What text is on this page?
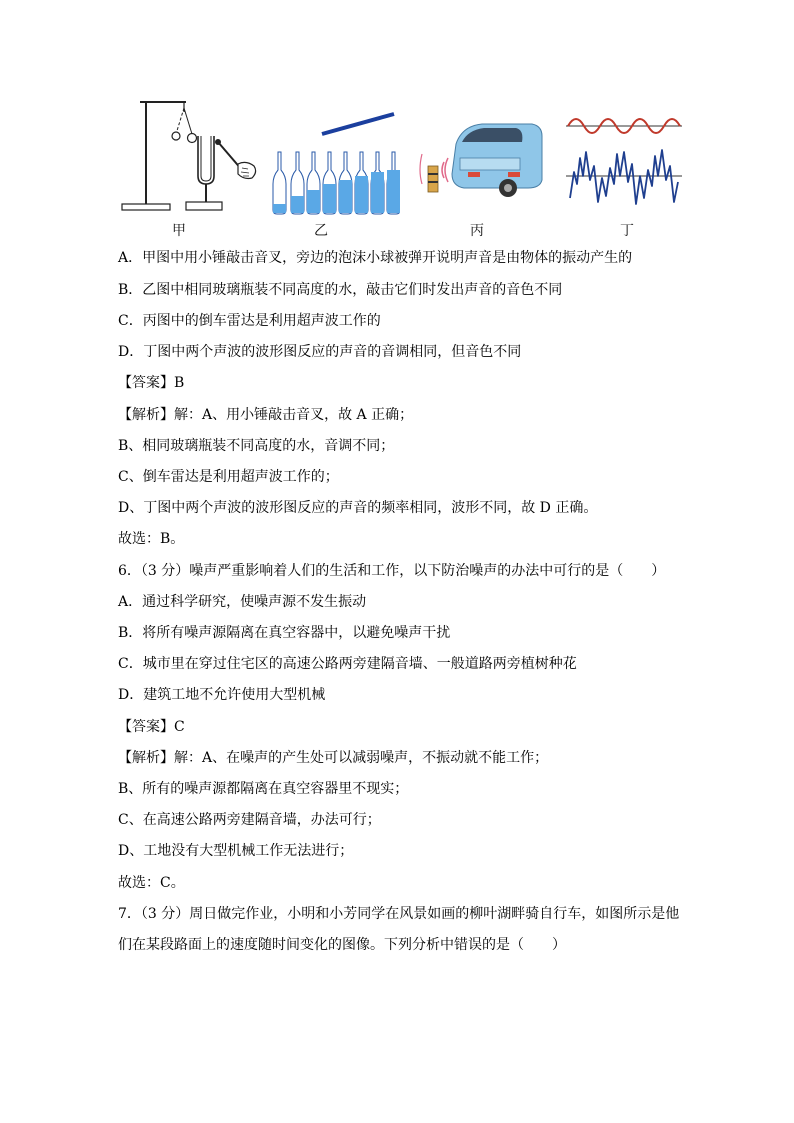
甲	乙	丙	丁
A．甲图中用小锤敲击音叉，旁边的泡沫小球被弹开说明声音是由物体的振动产生的
B．乙图中相同玻璃瓶装不同高度的水，敲击它们时发出声音的音色不同
C．丙图中的倒车雷达是利用超声波工作的
D．丁图中两个声波的波形图反应的声音的音调相同，但音色不同
【答案】B
【解析】解：A、用小锤敲击音叉，故 A 正确；
B、相同玻璃瓶装不同高度的水，音调不同；
C、倒车雷达是利用超声波工作的；
D、丁图中两个声波的波形图反应的声音的频率相同，波形不同，故 D 正确。
故选：B。
6．（3 分）噪声严重影响着人们的生活和工作，以下防治噪声的办法中可行的是（　　）
A．通过科学研究，使噪声源不发生振动
B．将所有噪声源隔离在真空容器中，以避免噪声干扰
C．城市里在穿过住宅区的高速公路两旁建隔音墙、一般道路两旁植树种花
D．建筑工地不允许使用大型机械
【答案】C
【解析】解：A、在噪声的产生处可以减弱噪声，不振动就不能工作；
B、所有的噪声源都隔离在真空容器里不现实；
C、在高速公路两旁建隔音墙，办法可行；
D、工地没有大型机械工作无法进行；
故选：C。
7．（3 分）周日做完作业，小明和小芳同学在风景如画的柳叶湖畔骑自行车，如图所示是他
们在某段路面上的速度随时间变化的图像。下列分析中错误的是（　　）
